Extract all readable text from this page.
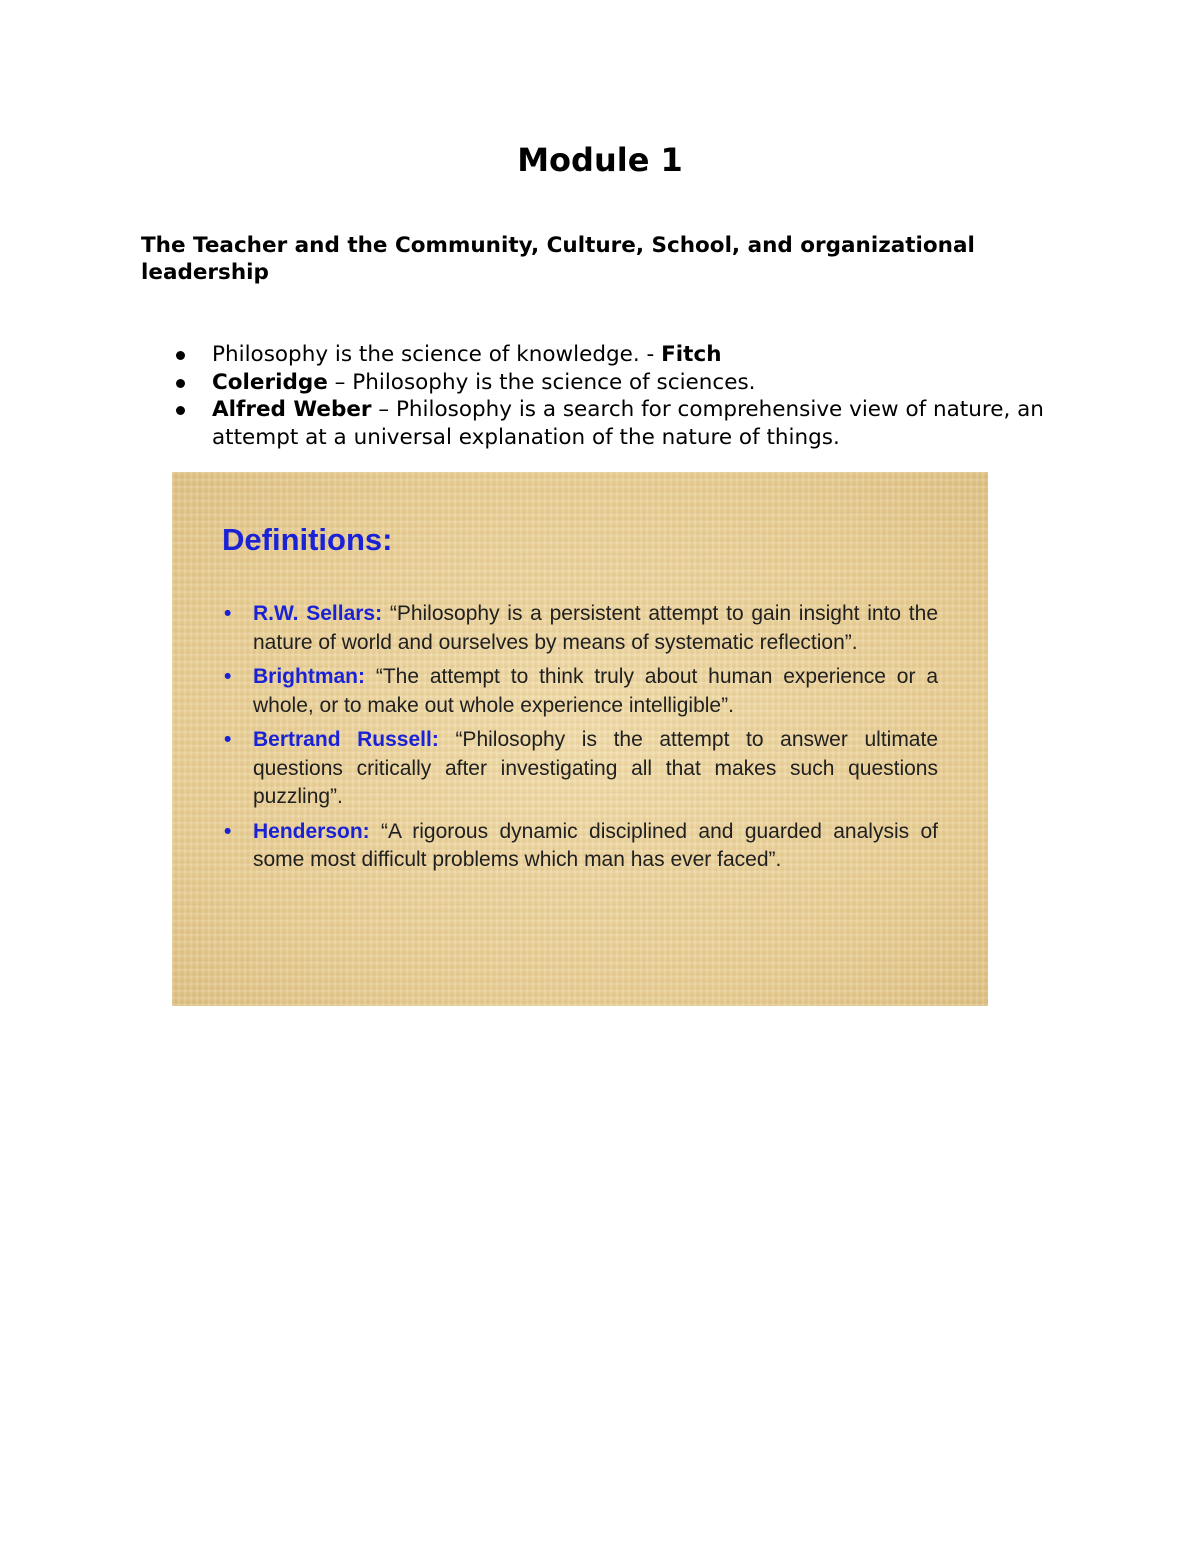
Module 1
The Teacher and the Community, Culture, School, and organizational leadership
Philosophy is the science of knowledge. - Fitch
Coleridge – Philosophy is the science of sciences.
Alfred Weber – Philosophy is a search for comprehensive view of nature, an attempt at a universal explanation of the nature of things.
Definitions:
• R.W. Sellars: “Philosophy is a persistent attempt to gain insight into the nature of world and ourselves by means of systematic reflection”.
• Brightman: “The attempt to think truly about human experience or a whole, or to make out whole experience intelligible”.
• Bertrand Russell: “Philosophy is the attempt to answer ultimate questions critically after investigating all that makes such questions puzzling”.
• Henderson: “A rigorous dynamic disciplined and guarded analysis of some most difficult problems which man has ever faced”.
